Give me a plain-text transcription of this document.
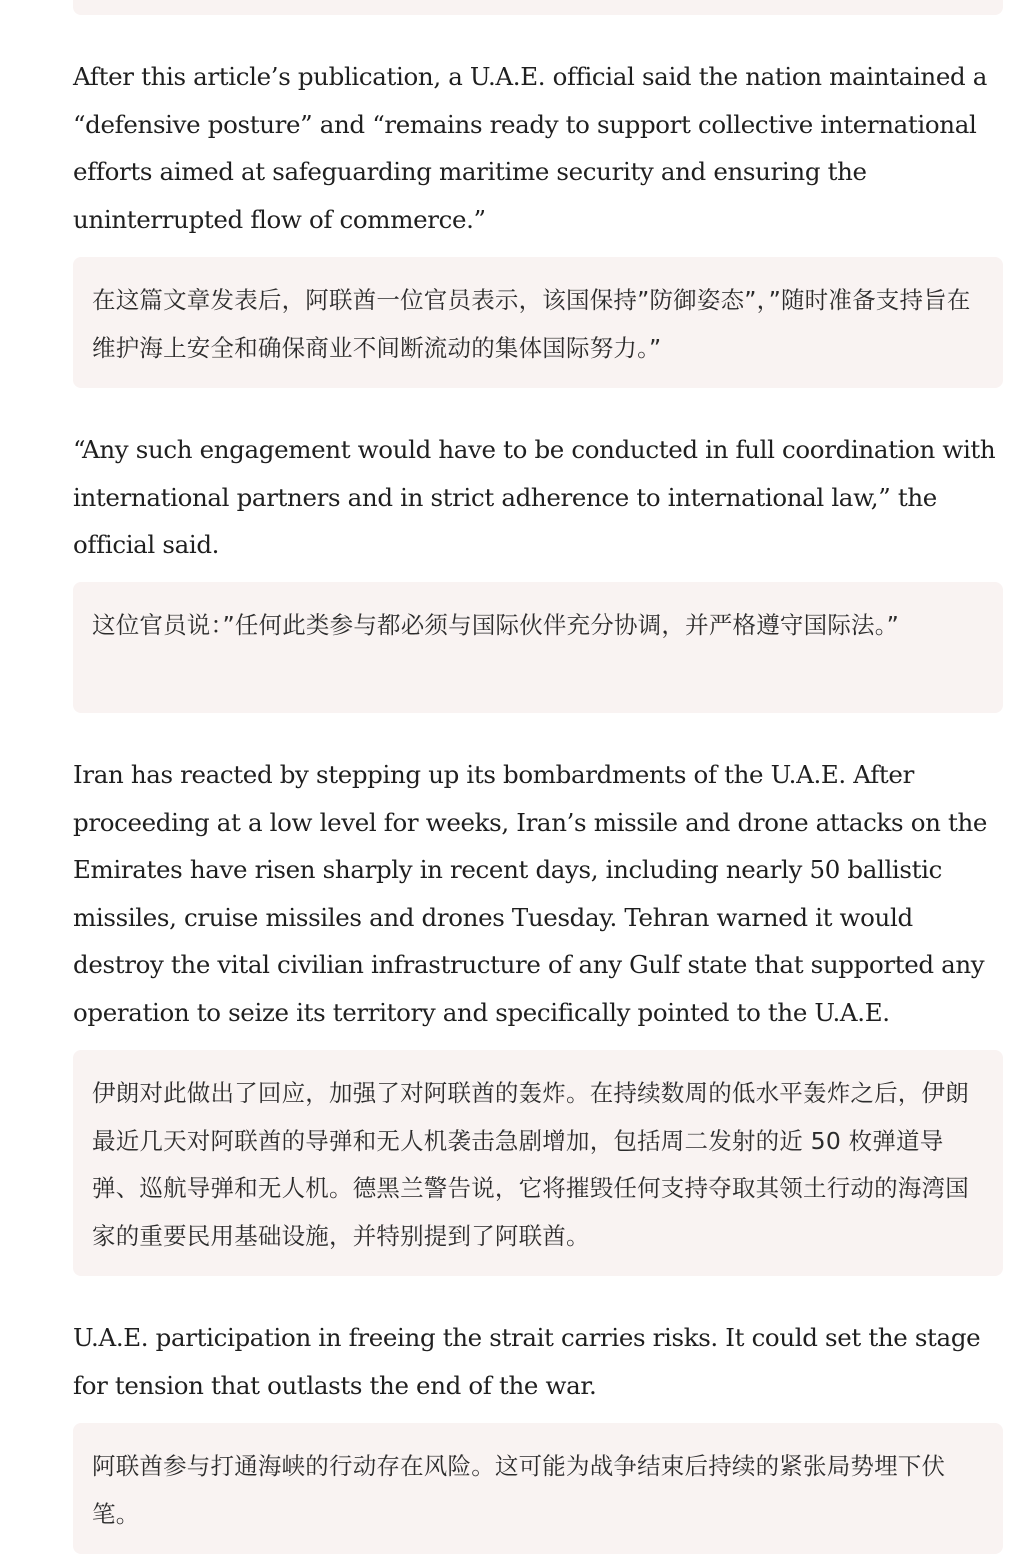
After this article’s publication, a U.A.E. official said the nation maintained a “defensive posture” and “remains ready to support collective international efforts aimed at safeguarding maritime security and ensuring the uninterrupted flow of commerce.”

在这篇文章发表后，阿联酋一位官员表示，该国保持”防御姿态”，”随时准备支持旨在维护海上安全和确保商业不间断流动的集体国际努力。”

“Any such engagement would have to be conducted in full coordination with international partners and in strict adherence to international law,” the official said.

这位官员说：”任何此类参与都必须与国际伙伴充分协调，并严格遵守国际法。”

Iran has reacted by stepping up its bombardments of the U.A.E. After proceeding at a low level for weeks, Iran’s missile and drone attacks on the Emirates have risen sharply in recent days, including nearly 50 ballistic missiles, cruise missiles and drones Tuesday. Tehran warned it would destroy the vital civilian infrastructure of any Gulf state that supported any operation to seize its territory and specifically pointed to the U.A.E.

伊朗对此做出了回应，加强了对阿联酋的轰炸。在持续数周的低水平轰炸之后，伊朗最近几天对阿联酋的导弹和无人机袭击急剧增加，包括周二发射的近 50 枚弹道导弹、巡航导弹和无人机。德黑兰警告说，它将摧毁任何支持夺取其领土行动的海湾国家的重要民用基础设施，并特别提到了阿联酋。

U.A.E. participation in freeing the strait carries risks. It could set the stage for tension that outlasts the end of the war.

阿联酋参与打通海峡的行动存在风险。这可能为战争结束后持续的紧张局势埋下伏笔。
